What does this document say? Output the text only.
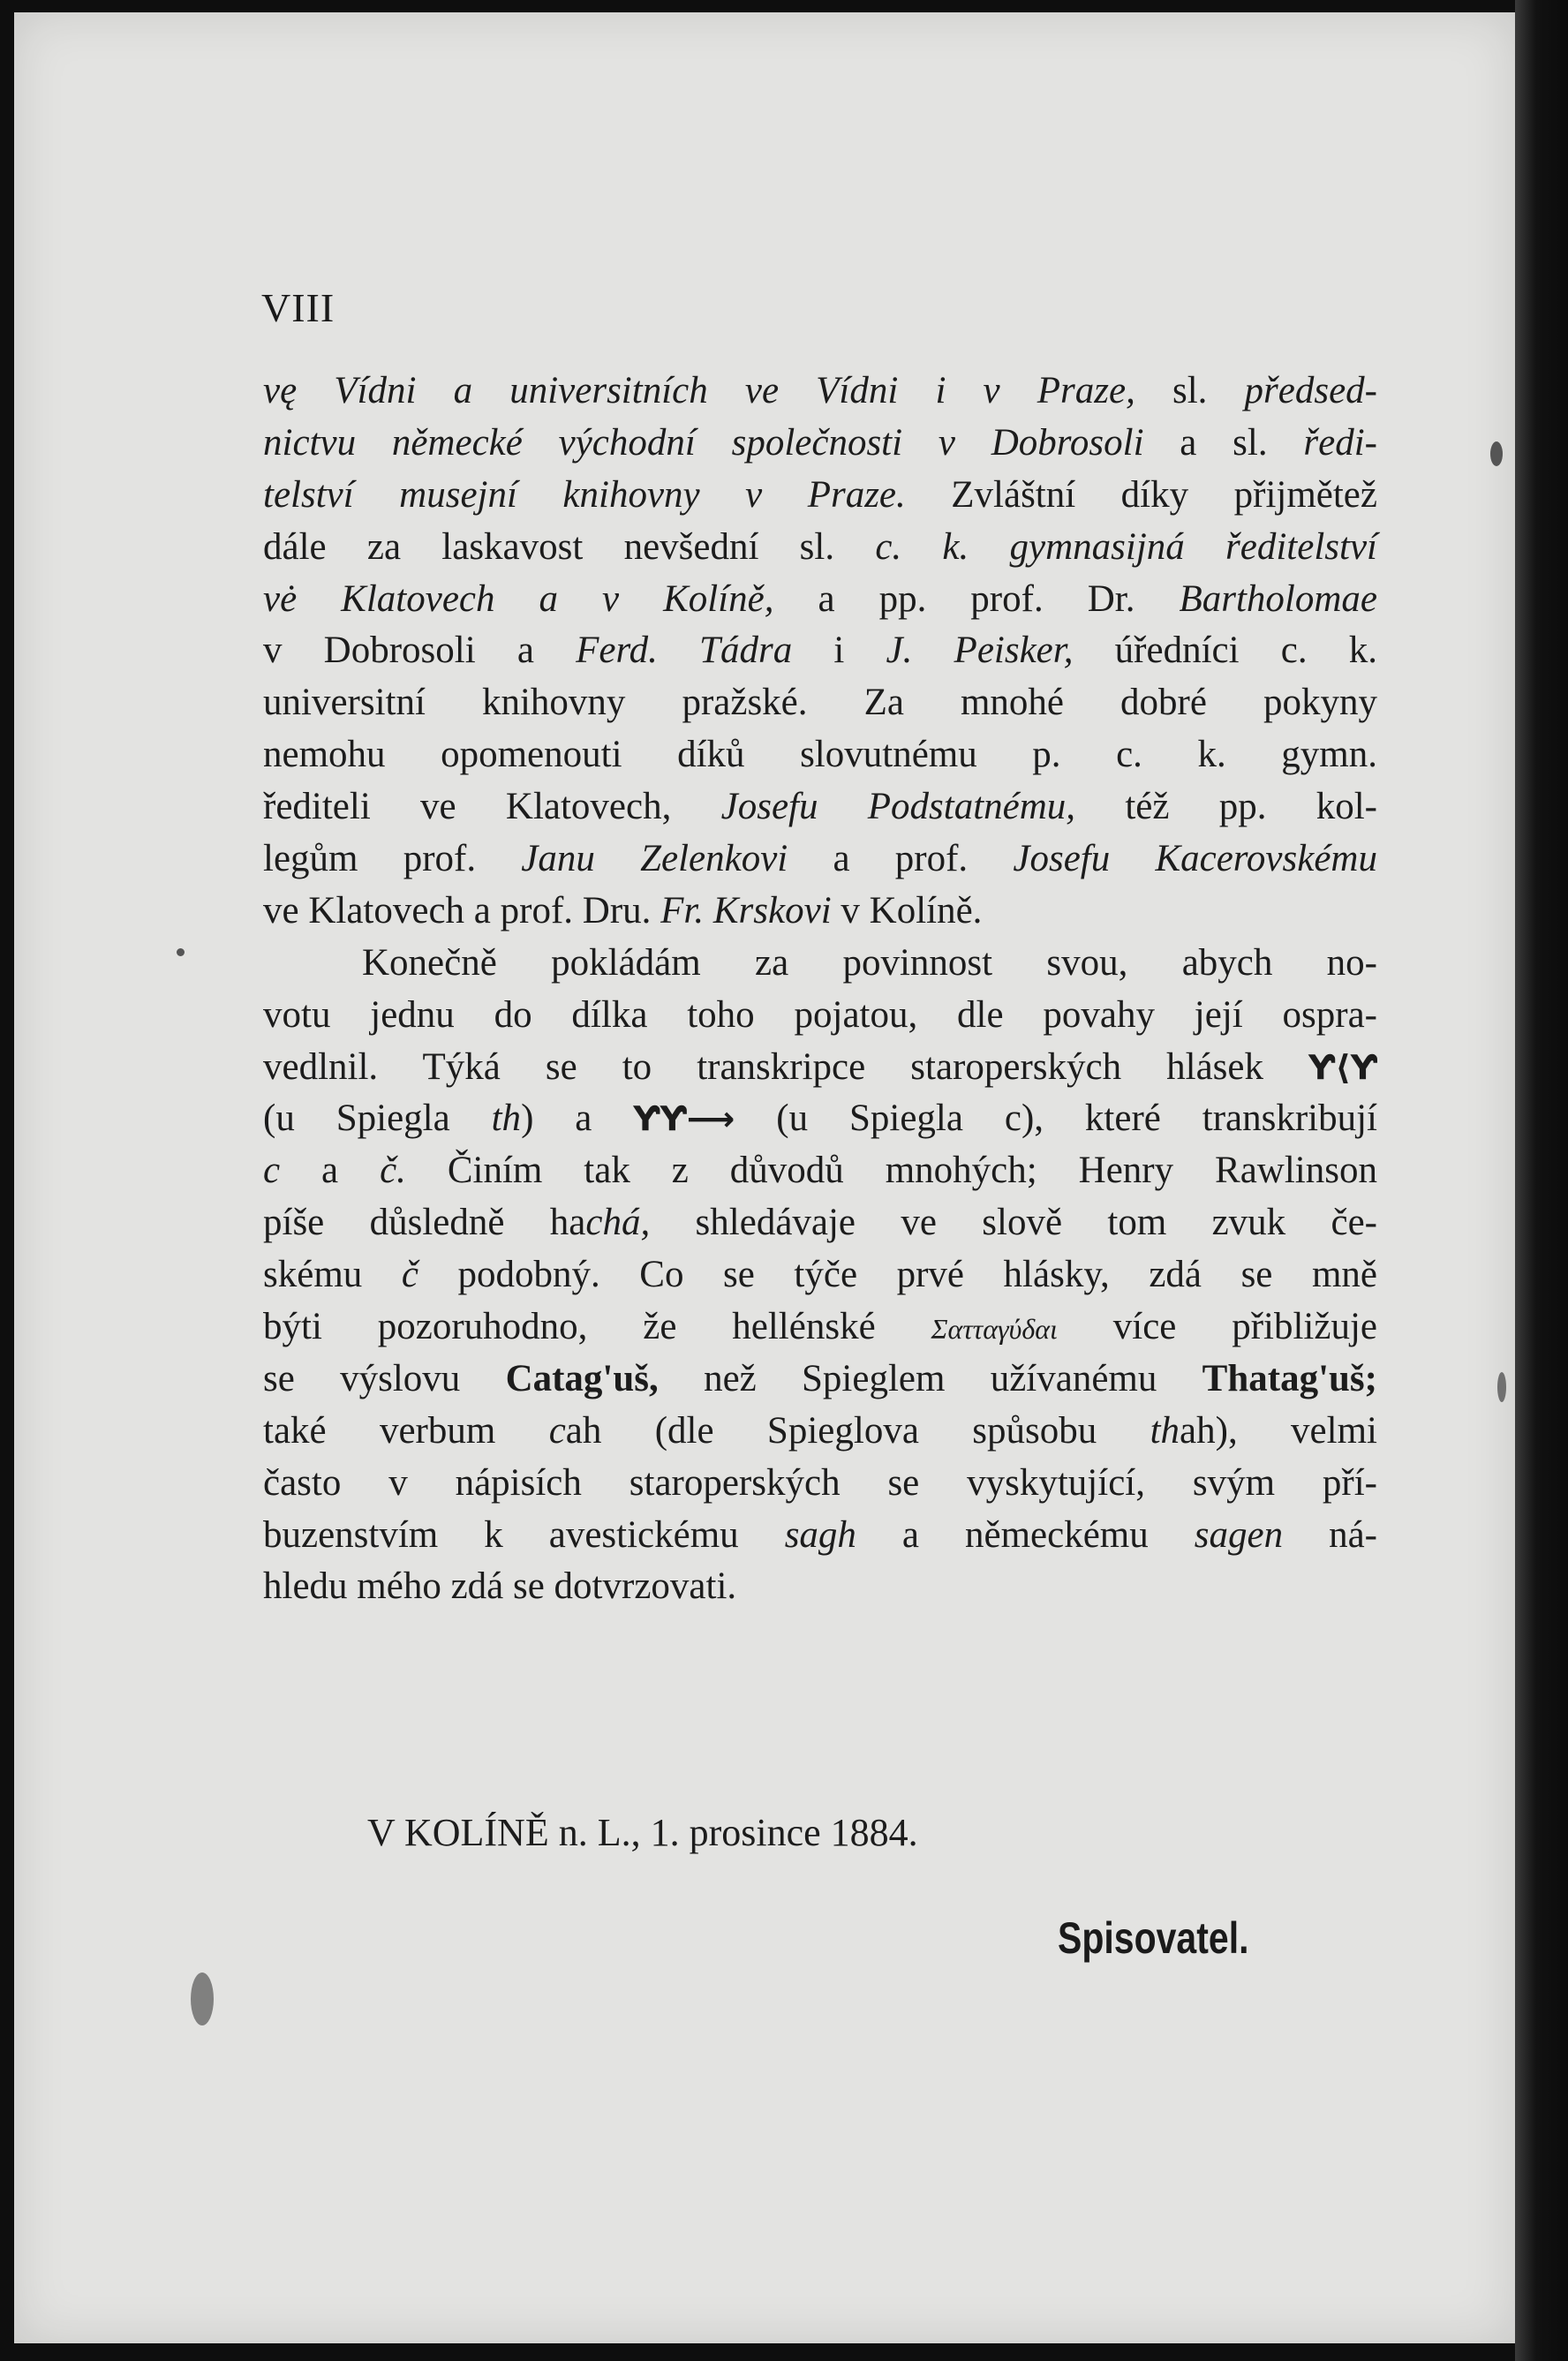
VIII
vę Vídni a universitních ve Vídni i v Praze, sl. předsed-
nictvu německé východní společnosti v Dobrosoli a sl. ředi-
telství musejní knihovny v Praze. Zvláštní díky přijmětež
dále za laskavost nevšední sl. c. k. gymnasijná ředitelství
vė Klatovech a v Kolíně, a pp. prof. Dr. Bartholomae
v Dobrosoli a Ferd. Tádra i J. Peisker, úředníci c. k.
universitní knihovny pražské. Za mnohé dobré pokyny
nemohu opomenouti díků slovutnému p. c. k. gymn.
řediteli ve Klatovech, Josefu Podstatnému, též pp. kol-
legům prof. Janu Zelenkovi a prof. Josefu Kacerovskému
ve Klatovech a prof. Dru. Fr. Krskovi v Kolíně.
Konečně pokládám za povinnost svou, abych no-
votu jednu do dílka toho pojatou, dle povahy její ospra-
vedlnil. Týká se to transkripce staroperských hlásek Ƴ⟨Ƴ
(u Spiegla th) a ƳƳ⟶ (u Spiegla c), které transkribují
c a č. Činím tak z důvodů mnohých; Henry Rawlinson
píše důsledně hachá, shledávaje ve slově tom zvuk če-
skému č podobný. Co se týče prvé hlásky, zdá se mně
býti pozoruhodno, že hellénské Σατταγύδαι více přibližuje
se výslovu Catag'uš, než Spieglem užívanému Thatag'uš;
také verbum cah (dle Spieglova spůsobu thah), velmi
často v nápisích staroperských se vyskytující, svým pří-
buzenstvím k avestickému sagh a německému sagen ná-
hledu mého zdá se dotvrzovati.
V KOLÍNĚ n. L., 1. prosince 1884.
Spisovatel.
